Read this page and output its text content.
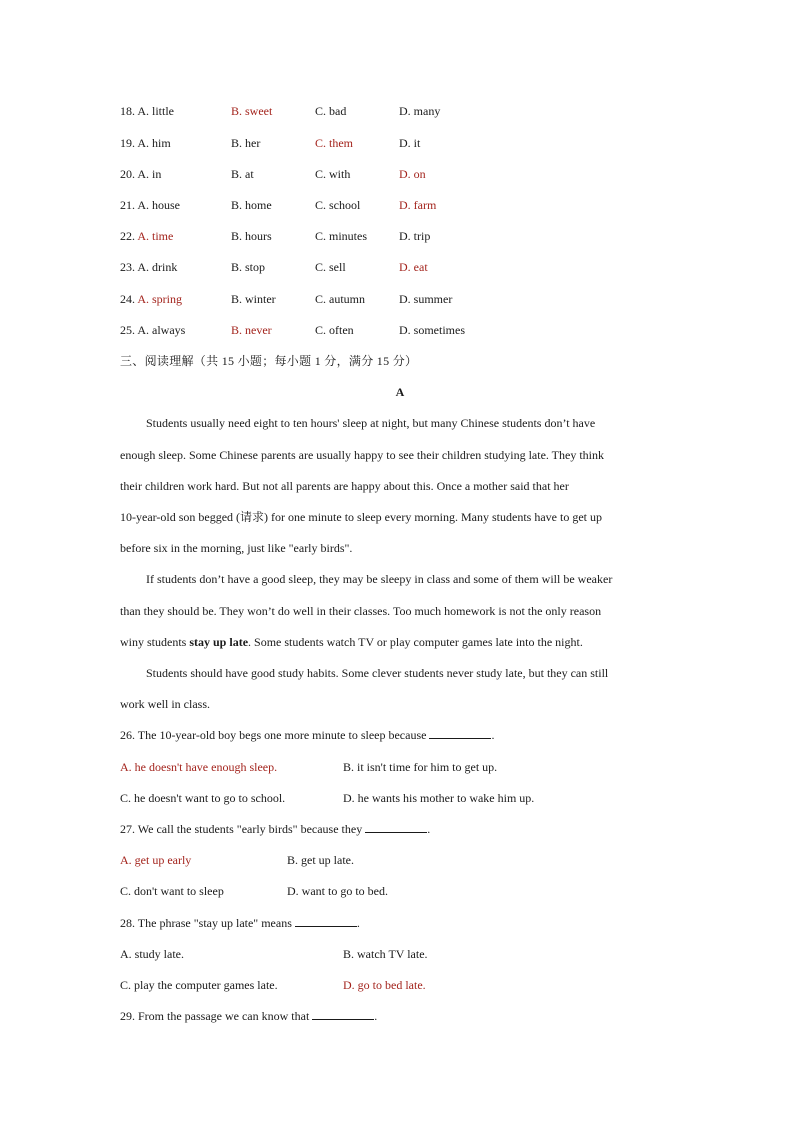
18. A. little	B. sweet	C. bad	D. many
19. A. him	B. her	C. them	D. it
20. A. in	B. at	C. with	D. on
21. A. house	B. home	C. school	D. farm
22. A. time	B. hours	C. minutes	D. trip
23. A. drink	B. stop	C. sell	D. eat
24. A. spring	B. winter	C. autumn	D. summer
25. A. always	B. never	C. often	D. sometimes
三、阅读理解（共 15 小题；每小题 1 分，满分 15 分）
A
Students usually need eight to ten hours' sleep at night, but many Chinese students don’t have
enough sleep. Some Chinese parents are usually happy to see their children studying late. They think
their children work hard. But not all parents are happy about this. Once a mother said that her
10-year-old son begged (请求) for one minute to sleep every morning. Many students have to get up
before six in the morning, just like "early birds".
If students don’t have a good sleep, they may be sleepy in class and some of them will be weaker
than they should be. They won’t do well in their classes. Too much homework is not the only reason
winy students stay up late. Some students watch TV or play computer games late into the night.
Students should have good study habits. Some clever students never study late, but they can still
work well in class.
26. The 10-year-old boy begs one more minute to sleep because	.
A. he doesn't have enough sleep.	B. it isn't time for him to get up.
C. he doesn't want to go to school.	D. he wants his mother to wake him up.
27. We call the students "early birds" because they	.
A. get up early	B. get up late.
C. don't want to sleep	D. want to go to bed.
28. The phrase "stay up late" means	.
A. study late.	B. watch TV late.
C. play the computer games late.	D. go to bed late.
29. From the passage we can know that	.
